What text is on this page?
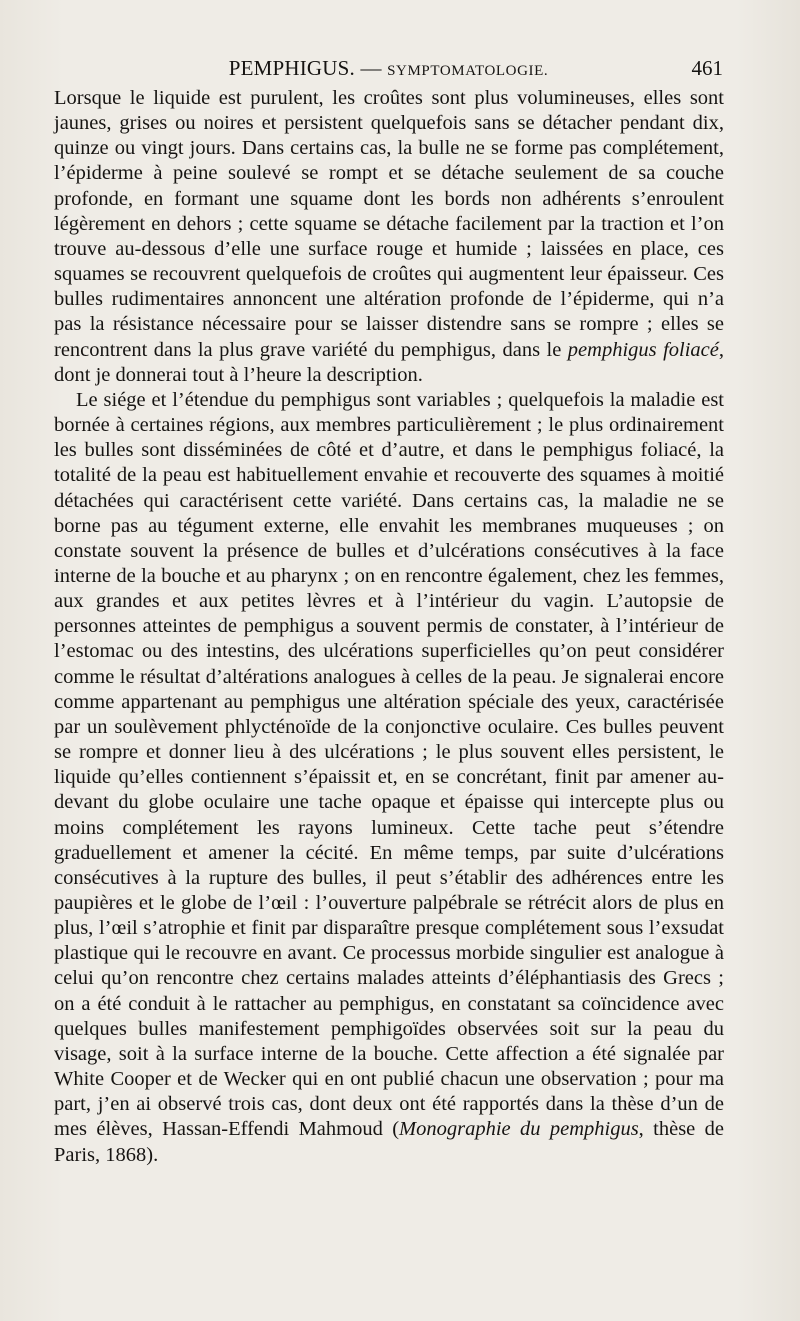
PEMPHIGUS. — SYMPTOMATOLOGIE.	461

Lorsque le liquide est purulent, les croûtes sont plus volumineuses, elles sont jaunes, grises ou noires et persistent quelquefois sans se détacher pendant dix, quinze ou vingt jours. Dans certains cas, la bulle ne se forme pas complétement, l’épiderme à peine soulevé se rompt et se détache seulement de sa couche profonde, en formant une squame dont les bords non adhérents s’enroulent légèrement en dehors ; cette squame se détache facilement par la traction et l’on trouve au-dessous d’elle une surface rouge et humide ; laissées en place, ces squames se recouvrent quelquefois de croûtes qui augmentent leur épaisseur. Ces bulles rudimentaires annoncent une altération profonde de l’épiderme, qui n’a pas la résistance nécessaire pour se laisser distendre sans se rompre ; elles se rencontrent dans la plus grave variété du pemphigus, dans le pemphigus foliacé, dont je donnerai tout à l’heure la description.

Le siége et l’étendue du pemphigus sont variables ; quelquefois la maladie est bornée à certaines régions, aux membres particulièrement ; le plus ordinairement les bulles sont disséminées de côté et d’autre, et dans le pemphigus foliacé, la totalité de la peau est habituellement envahie et recouverte des squames à moitié détachées qui caractérisent cette variété. Dans certains cas, la maladie ne se borne pas au tégument externe, elle envahit les membranes muqueuses ; on constate souvent la présence de bulles et d’ulcérations consécutives à la face interne de la bouche et au pharynx ; on en rencontre également, chez les femmes, aux grandes et aux petites lèvres et à l’intérieur du vagin. L’autopsie de personnes atteintes de pemphigus a souvent permis de constater, à l’intérieur de l’estomac ou des intestins, des ulcérations superficielles qu’on peut considérer comme le résultat d’altérations analogues à celles de la peau. Je signalerai encore comme appartenant au pemphigus une altération spéciale des yeux, caractérisée par un soulèvement phlycténoïde de la conjonctive oculaire. Ces bulles peuvent se rompre et donner lieu à des ulcérations ; le plus souvent elles persistent, le liquide qu’elles contiennent s’épaissit et, en se concrétant, finit par amener au-devant du globe oculaire une tache opaque et épaisse qui intercepte plus ou moins complétement les rayons lumineux. Cette tache peut s’étendre graduellement et amener la cécité. En même temps, par suite d’ulcérations consécutives à la rupture des bulles, il peut s’établir des adhérences entre les paupières et le globe de l’œil : l’ouverture palpébrale se rétrécit alors de plus en plus, l’œil s’atrophie et finit par disparaître presque complétement sous l’exsudat plastique qui le recouvre en avant. Ce processus morbide singulier est analogue à celui qu’on rencontre chez certains malades atteints d’éléphantiasis des Grecs ; on a été conduit à le rattacher au pemphigus, en constatant sa coïncidence avec quelques bulles manifestement pemphigoïdes observées soit sur la peau du visage, soit à la surface interne de la bouche. Cette affection a été signalée par White Cooper et de Wecker qui en ont publié chacun une observation ; pour ma part, j’en ai observé trois cas, dont deux ont été rapportés dans la thèse d’un de mes élèves, Hassan-Effendi Mahmoud (Monographie du pemphigus, thèse de Paris, 1868).
